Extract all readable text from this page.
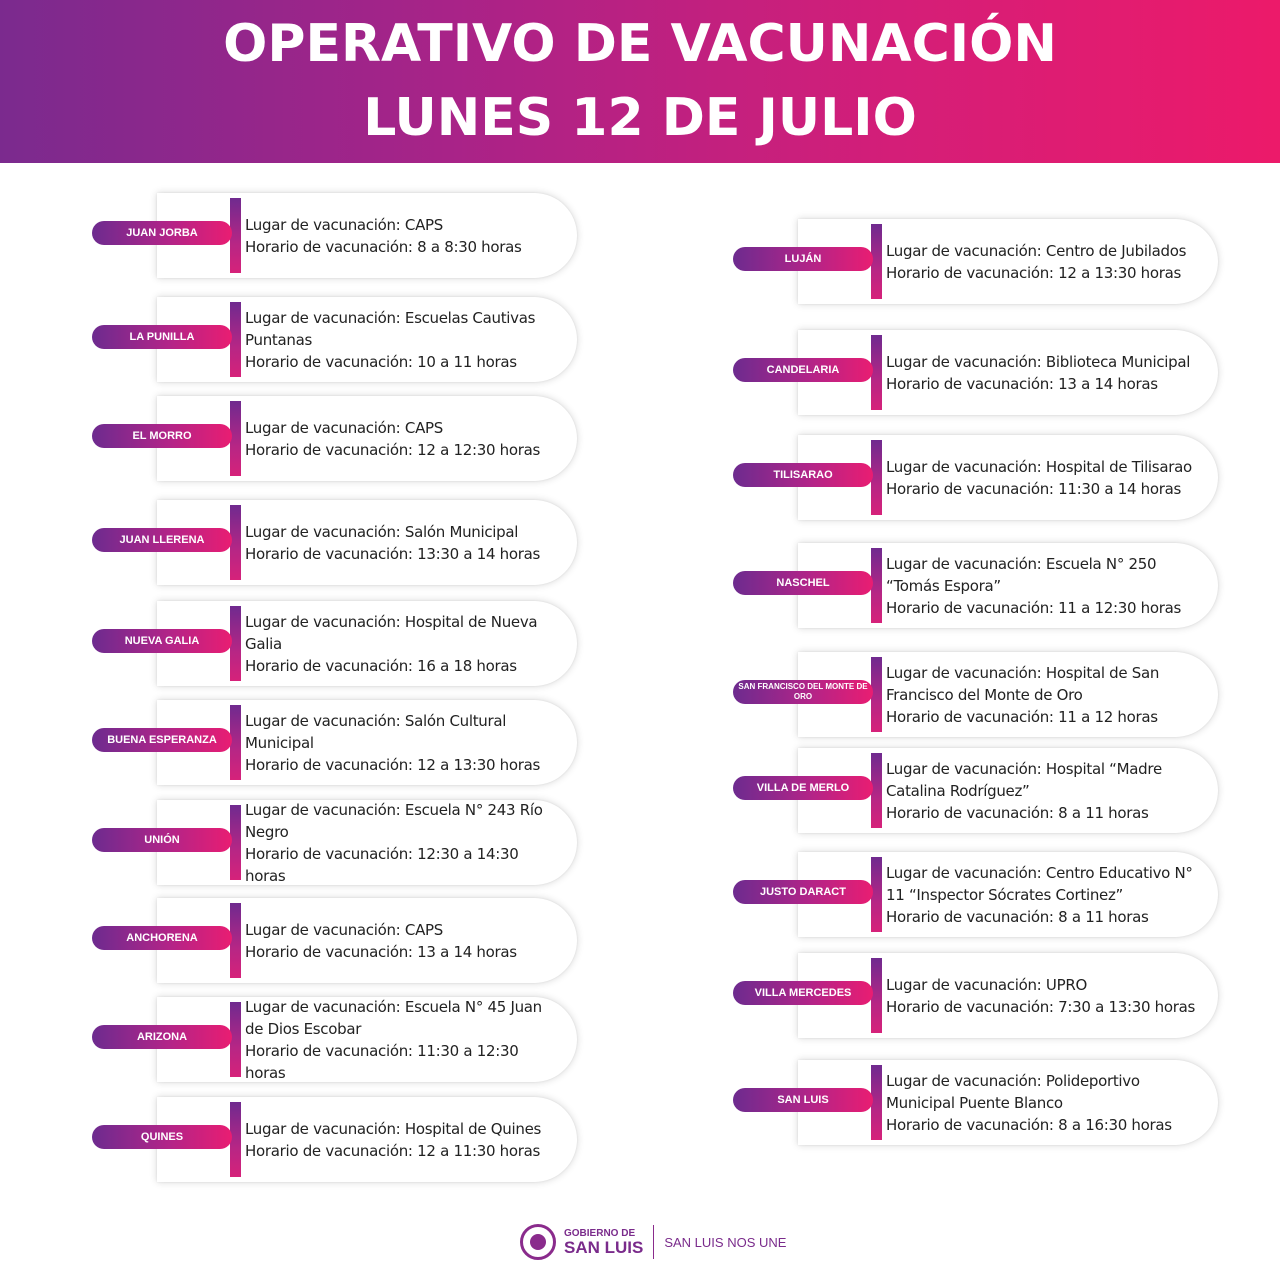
OPERATIVO DE VACUNACIÓN
LUNES 12 DE JULIO
Lugar de vacunación: CAPS
Horario de vacunación: 8 a 8:30 horas
JUAN JORBA
Lugar de vacunación: Escuelas Cautivas Puntanas
Horario de vacunación: 10 a 11 horas
LA PUNILLA
Lugar de vacunación: CAPS
Horario de vacunación: 12 a 12:30 horas
EL MORRO
Lugar de vacunación: Salón Municipal
Horario de vacunación: 13:30 a 14 horas
JUAN LLERENA
Lugar de vacunación: Hospital de Nueva Galia
Horario de vacunación: 16 a 18 horas
NUEVA GALIA
Lugar de vacunación: Salón Cultural Municipal
Horario de vacunación: 12 a 13:30 horas
BUENA ESPERANZA
Lugar de vacunación: Escuela N° 243 Río Negro
Horario de vacunación: 12:30 a 14:30 horas
UNIÓN
Lugar de vacunación: CAPS
Horario de vacunación: 13 a 14 horas
ANCHORENA
Lugar de vacunación: Escuela N° 45 Juan de Dios Escobar
Horario de vacunación: 11:30 a 12:30 horas
ARIZONA
Lugar de vacunación: Hospital de Quines
Horario de vacunación: 12 a 11:30 horas
QUINES
Lugar de vacunación: Centro de Jubilados
Horario de vacunación: 12 a 13:30 horas
LUJÁN
Lugar de vacunación: Biblioteca Municipal
Horario de vacunación: 13 a 14 horas
CANDELARIA
Lugar de vacunación: Hospital de Tilisarao
Horario de vacunación: 11:30 a 14 horas
TILISARAO
Lugar de vacunación: Escuela N° 250 “Tomás Espora”
Horario de vacunación: 11 a 12:30 horas
NASCHEL
Lugar de vacunación: Hospital de San Francisco del Monte de Oro
Horario de vacunación: 11 a 12 horas
SAN FRANCISCO DEL MONTE DE ORO
Lugar de vacunación: Hospital “Madre Catalina Rodríguez”
Horario de vacunación: 8 a 11 horas
VILLA DE MERLO
Lugar de vacunación: Centro Educativo N° 11 “Inspector Sócrates Cortinez”
Horario de vacunación: 8 a 11 horas
JUSTO DARACT
Lugar de vacunación: UPRO
Horario de vacunación: 7:30 a 13:30 horas
VILLA MERCEDES
Lugar de vacunación: Polideportivo Municipal Puente Blanco
Horario de vacunación: 8 a 16:30 horas
SAN LUIS
GOBIERNO DE
SAN LUIS SAN LUIS NOS UNE
